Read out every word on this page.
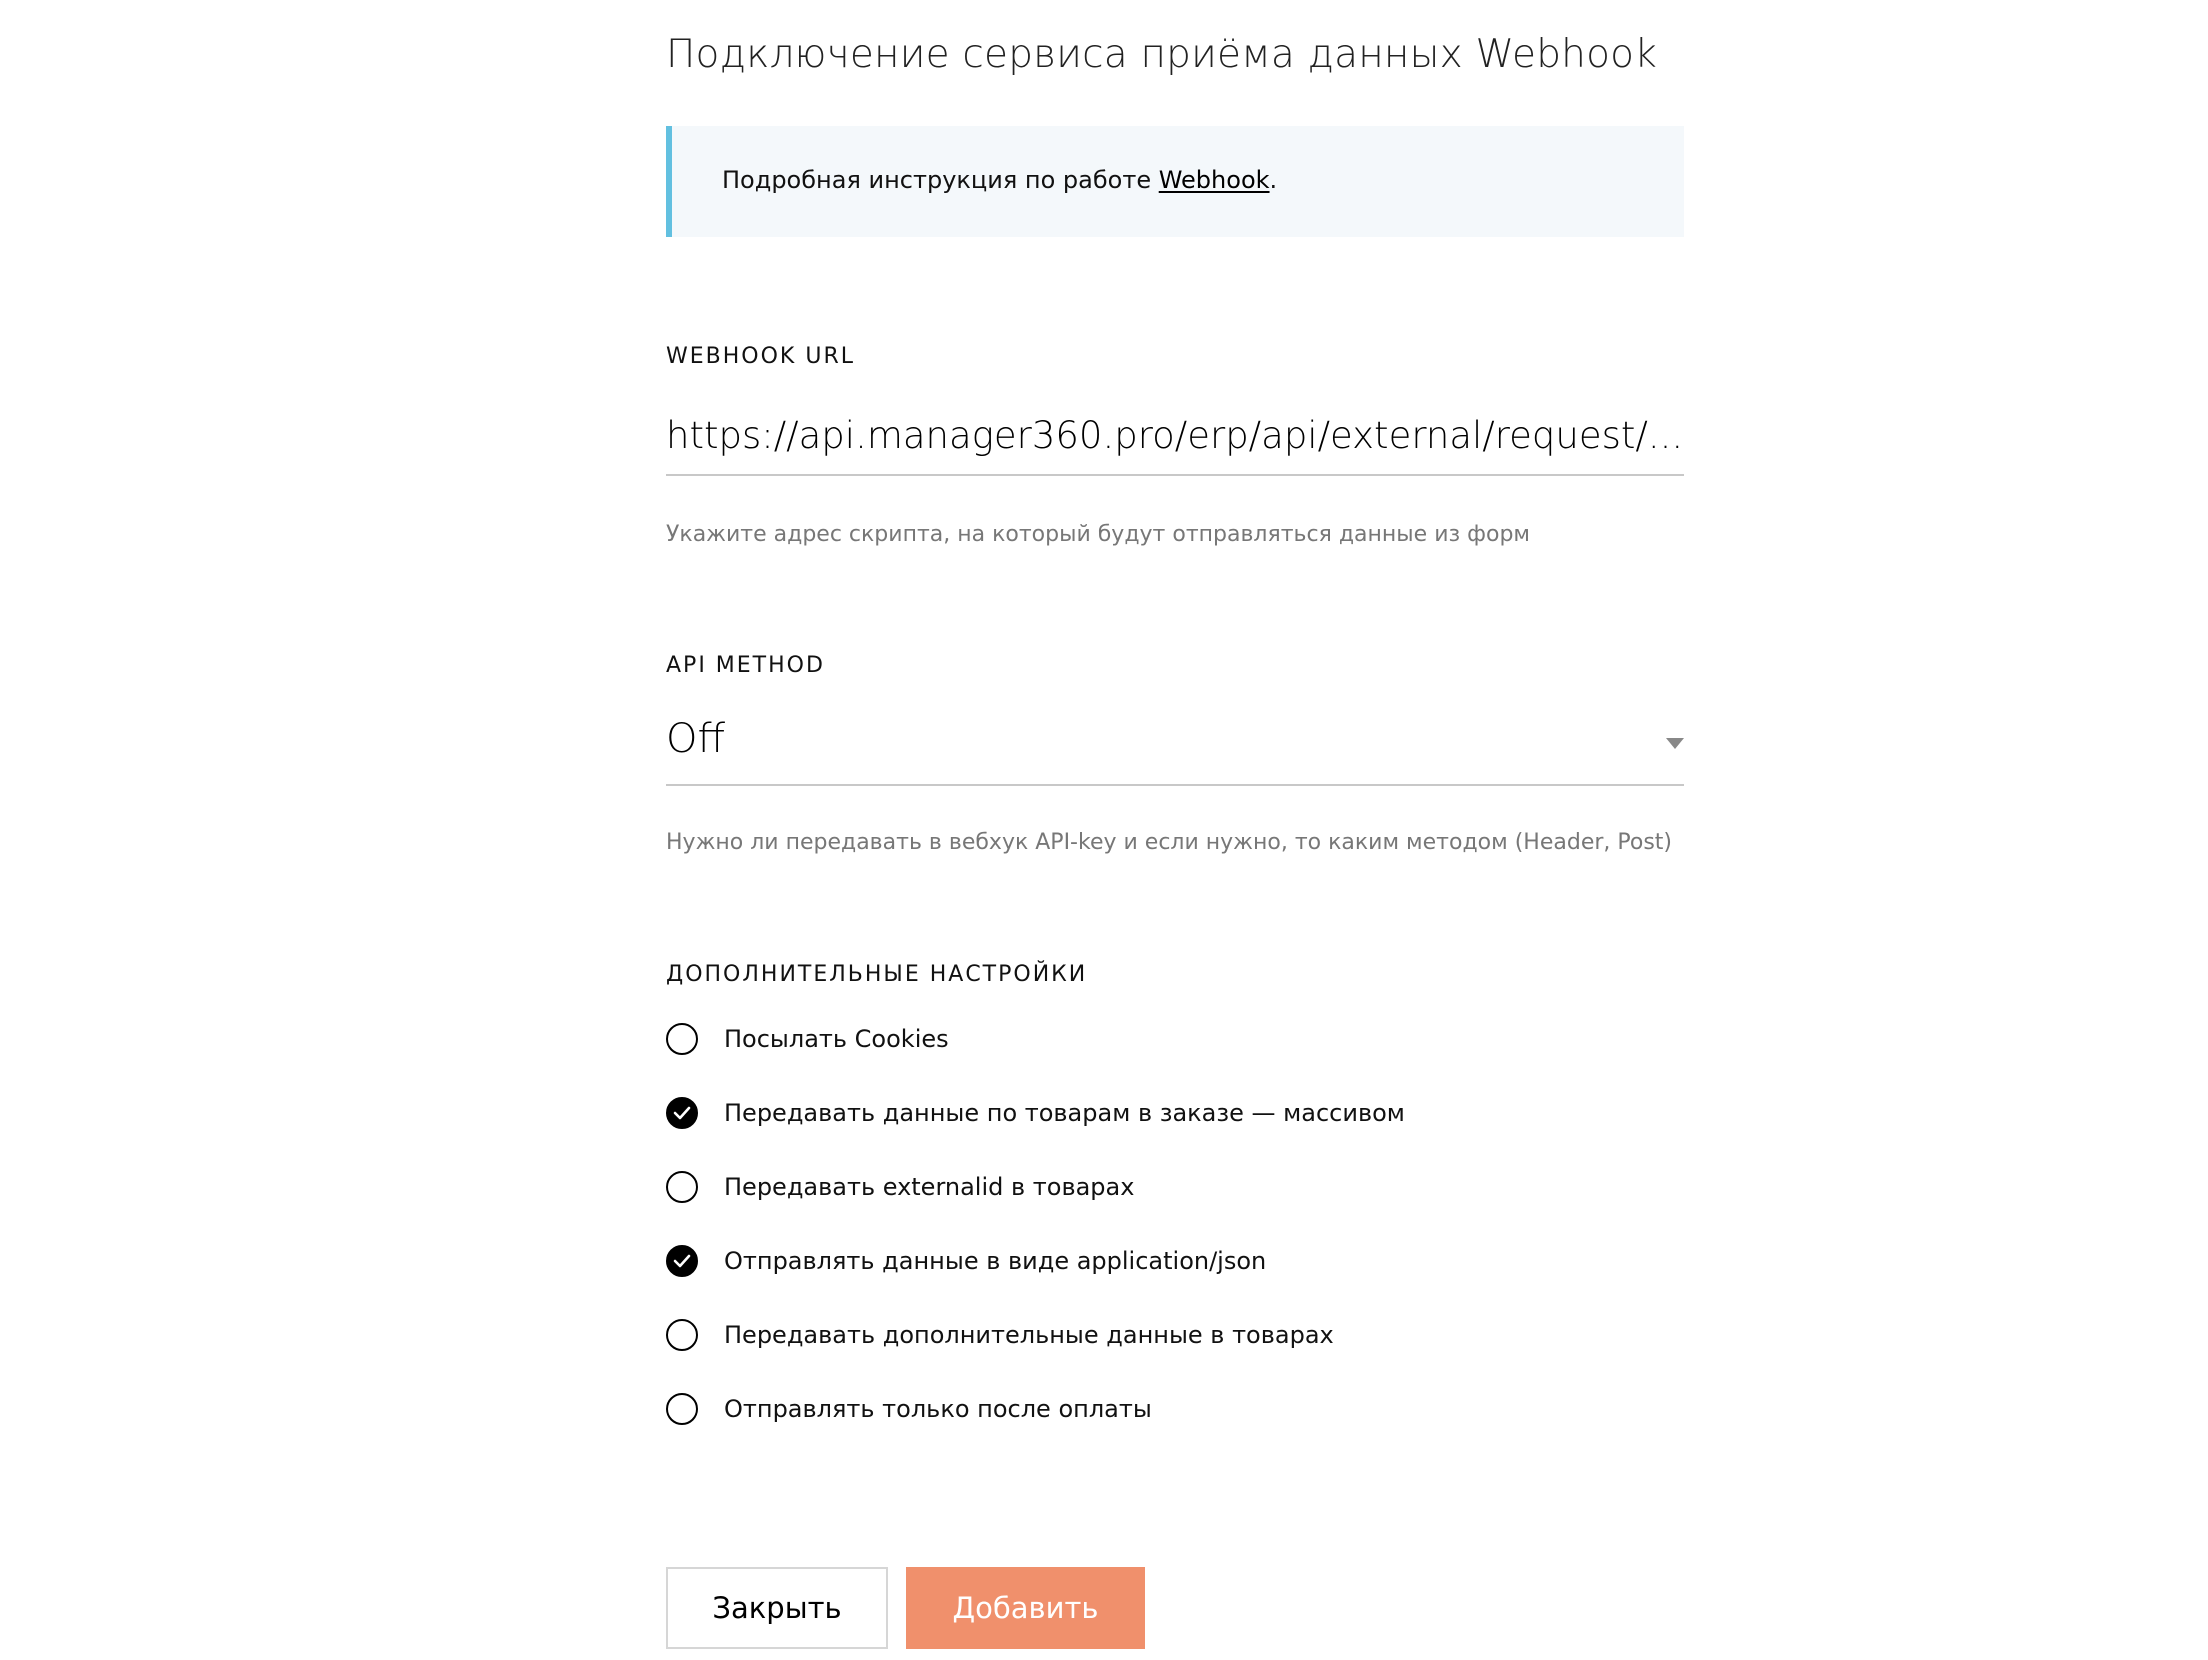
Подключение сервиса приёма данных Webhook
Подробная инструкция по работе Webhook.
WEBHOOK URL
https://api.manager360.pro/erp/api/external/request/...
Укажите адрес скрипта, на который будут отправляться данные из форм
API METHOD
Off
Нужно ли передавать в вебхук API-key и если нужно, то каким методом (Header, Post)
ДОПОЛНИТЕЛЬНЫЕ НАСТРОЙКИ
Посылать Cookies
Передавать данные по товарам в заказе — массивом
Передавать externalid в товарах
Отправлять данные в виде application/json
Передавать дополнительные данные в товарах
Отправлять только после оплаты
Закрыть	Добавить
